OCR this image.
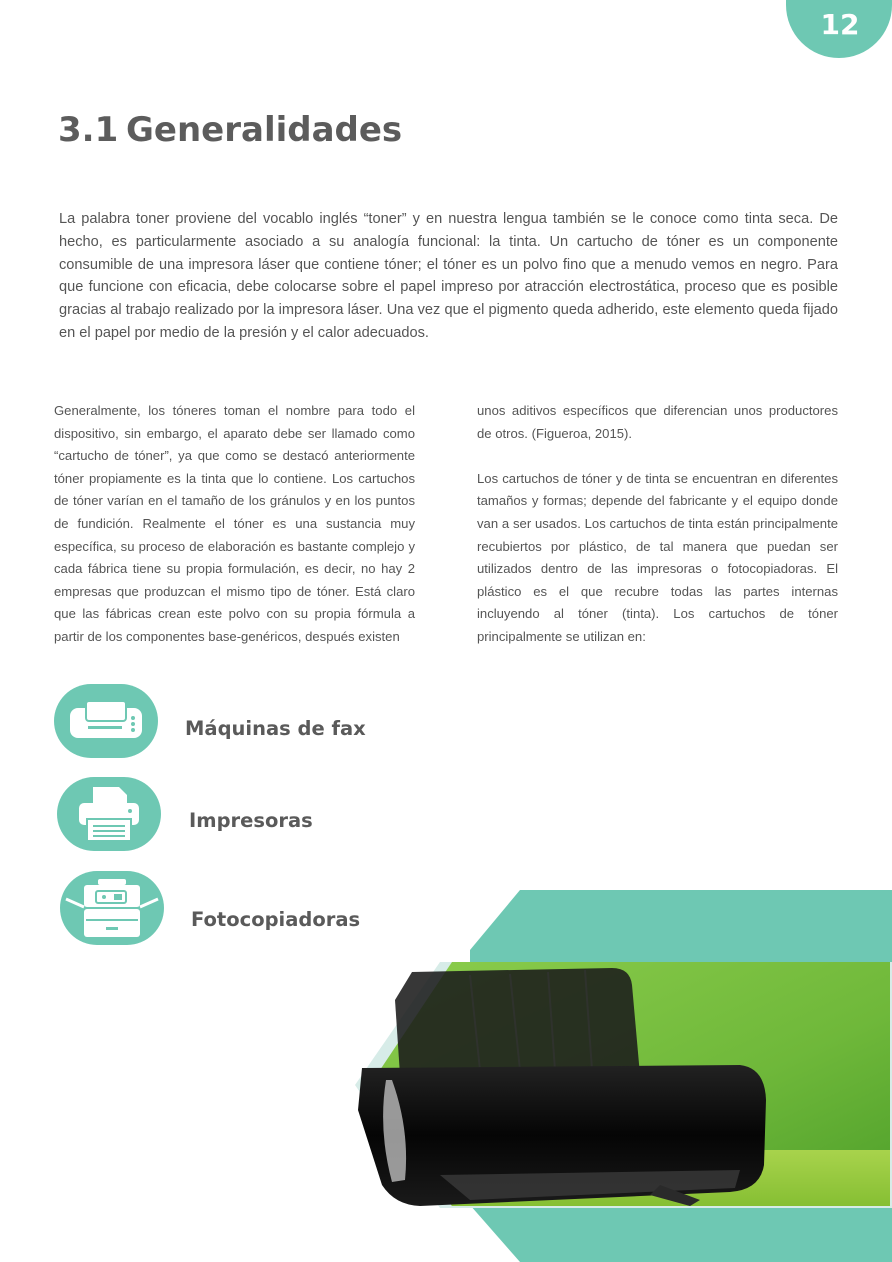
12
3.1 Generalidades

La palabra toner proviene del vocablo inglés “toner” y en nuestra lengua también se le conoce como tinta seca. De hecho, es particularmente asociado a su analogía funcional: la tinta. Un cartucho de tóner es un componente consumible de una impresora láser que contiene tóner; el tóner es un polvo fino que a menudo vemos en negro. Para que funcione con eficacia, debe colocarse sobre el papel impreso por atracción electrostática, proceso que es posible gracias al trabajo realizado por la impresora láser. Una vez que el pigmento queda adherido, este elemento queda fijado en el papel por medio de la presión y el calor adecuados.

Generalmente, los tóneres toman el nombre para todo el dispositivo, sin embargo, el aparato debe ser llamado como “cartucho de tóner”, ya que como se destacó anteriormente tóner propiamente es la tinta que lo contiene. Los cartuchos de tóner varían en el tamaño de los gránulos y en los puntos de fundición. Realmente el tóner es una sustancia muy específica, su proceso de elaboración es bastante complejo y cada fábrica tiene su propia formulación, es decir, no hay 2 empresas que produzcan el mismo tipo de tóner. Está claro que las fábricas crean este polvo con su propia fórmula a partir de los componentes base-genéricos, después existen

unos aditivos específicos que diferencian unos productores de otros. (Figueroa, 2015).

Los cartuchos de tóner y de tinta se encuentran en diferentes tamaños y formas; depende del fabricante y el equipo donde van a ser usados. Los cartuchos de tinta están principalmente recubiertos por plástico, de tal manera que puedan ser utilizados dentro de las impresoras o fotocopiadoras. El plástico es el que recubre todas las partes internas incluyendo al tóner (tinta). Los cartuchos de tóner principalmente se utilizan en:

Máquinas de fax
Impresoras
Fotocopiadoras
